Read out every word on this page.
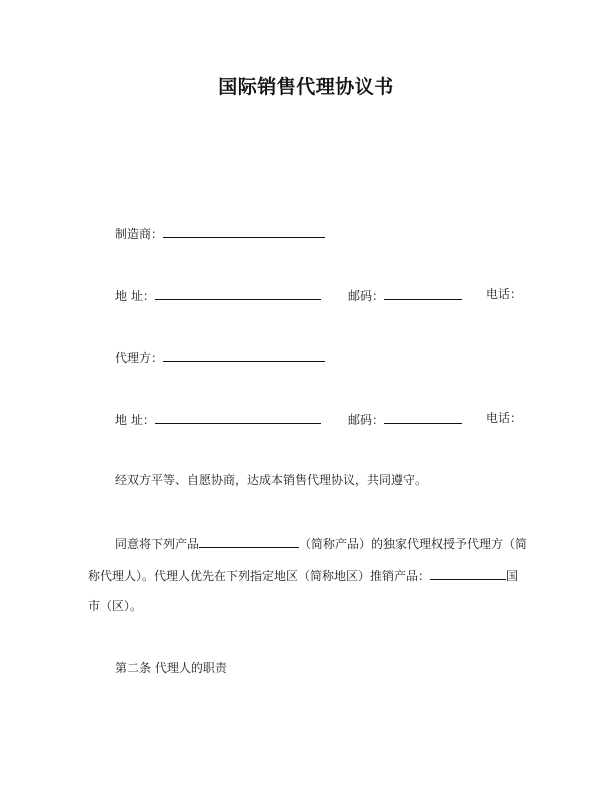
国际销售代理协议书
制造商：
地 址：	邮码：	电话：
代理方：
地 址：	邮码：	电话：
经双方平等、自愿协商，达成本销售代理协议，共同遵守。
同意将下列产品	（简称产品）的独家代理权授予代理方（简
称代理人）。代理人优先在下列指定地区（简称地区）推销产品：	国
市（区）。
第二条 代理人的职责
